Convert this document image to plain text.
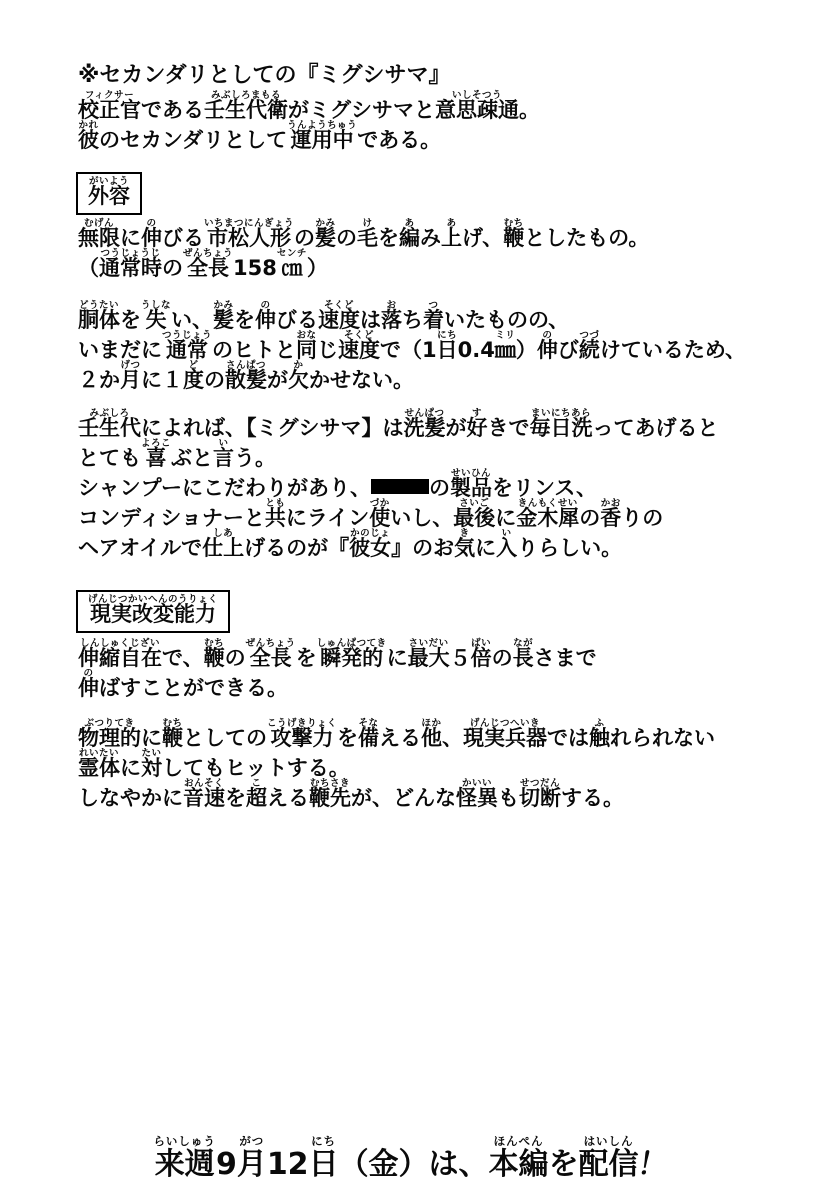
※セカンダリとしての『ミグシサマ』
フィクサー
校正官 である
みぶしろまもる
壬生代衛 がミグシサマと
いしそつう
意思疎通 。
かれ
彼 のセカンダリとして
うんようちゅう
運用中 である。
がいよう
外容
むげん
無限 に
の
伸 びる
いちまつにんぎょう
市松人形 の
かみ
髪 の
け
毛 を
あ
編 み
あ
上 げ、
むち
鞭 としたもの。
（
つうじょうじ
通常時 の
ぜんちょう
全長 158
センチ
㎝ ）
どうたい
胴体 を
うしな
失 い、
かみ
髪 を
の
伸 びる
そくど
速度 は
お
落 ち
つ
着 いたものの、
いまだに
つうじょう
通常 のヒトと
おな
同 じ
そくど
速度 で（1
にち
日 0.4
ミリ
㎜ ）
の
伸 び
つづ
続 けているため、
２か
げつ
月 に１
ど
度 の
さんぱつ
散髪 が
か
欠 かせない。
みぶしろ
壬生代 によれば、【ミグシサマ】は
せんぱつ
洗髪 が
す
好 きで
まいにちあら
毎日洗 ってあげると
とても
よろこ
喜 ぶと
い
言 う。
シャンプーにこだわりがあり、	の
せいひん
製品 をリンス、
コンディショナーと
とも
共 にライン
づか
使 いし、
さいご
最後 に
きんもくせい
金木犀 の
かお
香 りの
ヘアオイルで
しあ
仕上 げるのが『
かのじょ
彼女 』のお
き
気 に
い
入 りらしい。
げんじつかいへんのうりょく
現実改変能力
しんしゅくじざい
伸縮自在 で、
むち
鞭 の
ぜんちょう
全長 を
しゅんぱつてき
瞬発的 に
さいだい
最大 ５
ばい
倍 の
なが
長 さまで
の
伸 ばすことができる。
ぶつりてき
物理的 に
むち
鞭 としての
こうげきりょく
攻撃力 を
そな
備 える
ほか
他 、
げんじつへいき
現実兵器 では
ふ
触 れられない
れいたい
霊体 に
たい
対 してもヒットする。
しなやかに
おんそく
音速 を
こ
超 える
むちさき
鞭先 が、どんな
かいい
怪異 も
せつだん
切断 する。
らいしゅう
来週 9
がつ
月 12
にち
日 （金）は、
ほんぺん
本編 を
はいしん
配信
！
